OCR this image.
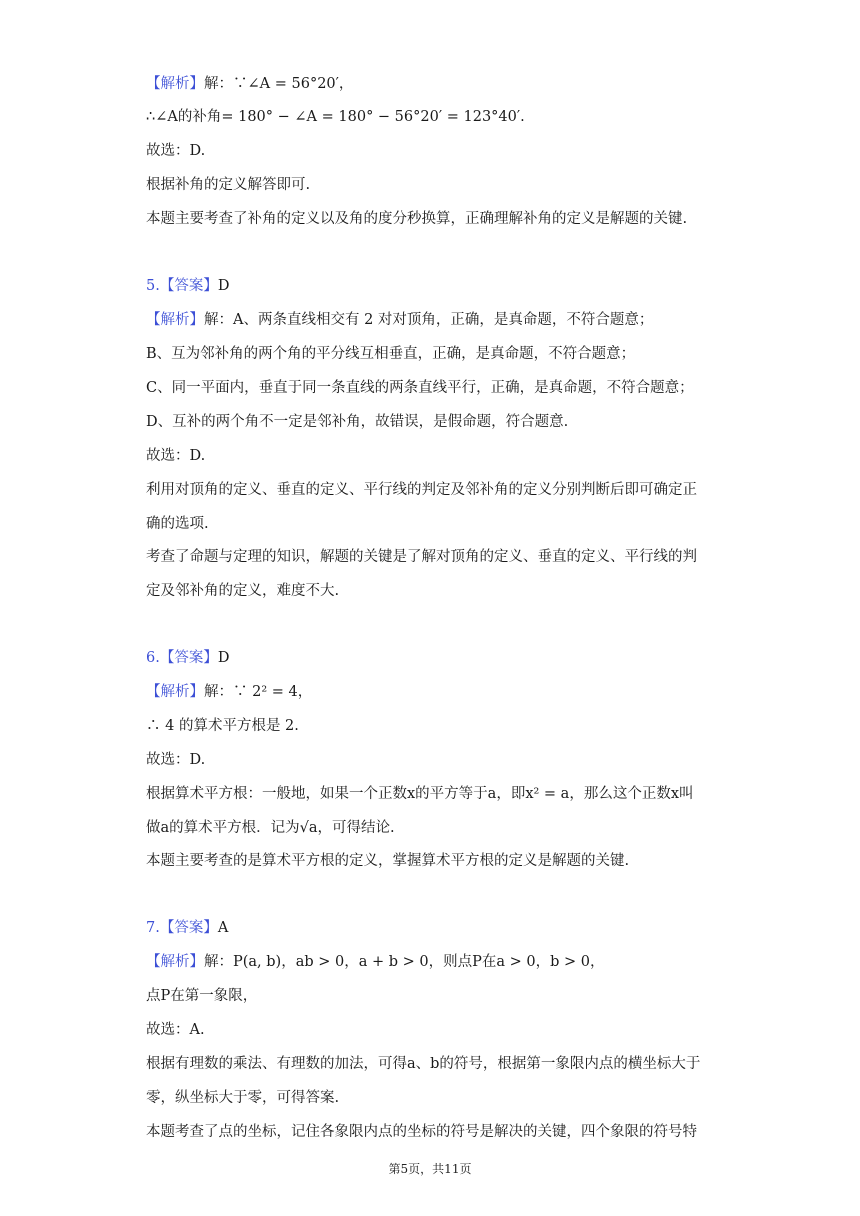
【解析】解：∵∠A = 56°20′，
∴∠A的补角= 180° − ∠A = 180° − 56°20′ = 123°40′.
故选：D.
根据补角的定义解答即可.
本题主要考查了补角的定义以及角的度分秒换算，正确理解补角的定义是解题的关键.
5.【答案】D
【解析】解：A、两条直线相交有 2 对对顶角，正确，是真命题，不符合题意；
B、互为邻补角的两个角的平分线互相垂直，正确，是真命题，不符合题意；
C、同一平面内，垂直于同一条直线的两条直线平行，正确，是真命题，不符合题意；
D、互补的两个角不一定是邻补角，故错误，是假命题，符合题意.
故选：D.
利用对顶角的定义、垂直的定义、平行线的判定及邻补角的定义分别判断后即可确定正
确的选项.
考查了命题与定理的知识，解题的关键是了解对顶角的定义、垂直的定义、平行线的判
定及邻补角的定义，难度不大.
6.【答案】D
【解析】解：∵ 2² = 4，
∴ 4 的算术平方根是 2.
故选：D.
根据算术平方根：一般地，如果一个正数x的平方等于a，即x² = a，那么这个正数x叫
做a的算术平方根．记为√a，可得结论.
本题主要考查的是算术平方根的定义，掌握算术平方根的定义是解题的关键.
7.【答案】A
【解析】解：P(a, b)，ab > 0，a + b > 0，则点P在a > 0，b > 0，
点P在第一象限，
故选：A.
根据有理数的乘法、有理数的加法，可得a、b的符号，根据第一象限内点的横坐标大于
零，纵坐标大于零，可得答案.
本题考查了点的坐标，记住各象限内点的坐标的符号是解决的关键，四个象限的符号特
第5页，共11页
